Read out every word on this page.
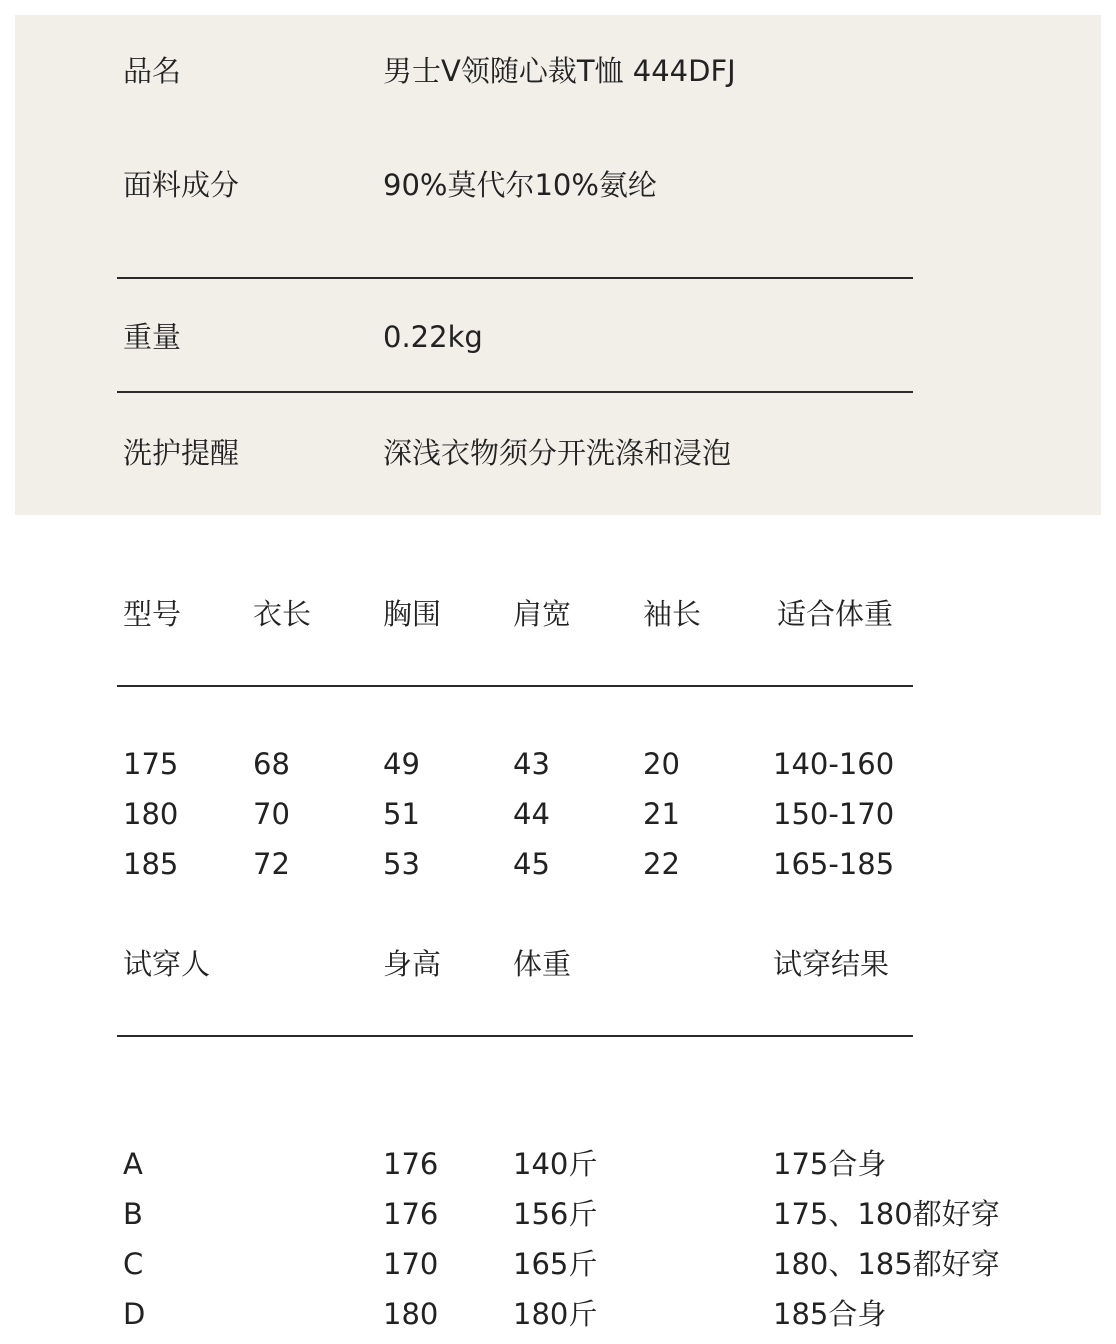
品名	男士V领随心裁T恤 444DFJ
面料成分	90%莫代尔10%氨纶
重量	0.22kg
洗护提醒	深浅衣物须分开洗涤和浸泡
型号 衣长 胸围 肩宽 袖长	适合体重
175	68	49	43	20	140-160
180	70	51	44	21	150-170
185	72	53	45	22	165-185
试穿人	身高 体重	试穿结果
A	176	140斤	175合身
B	176	156斤	175、180都好穿
C	170	165斤	180、185都好穿
D	180	180斤	185合身
